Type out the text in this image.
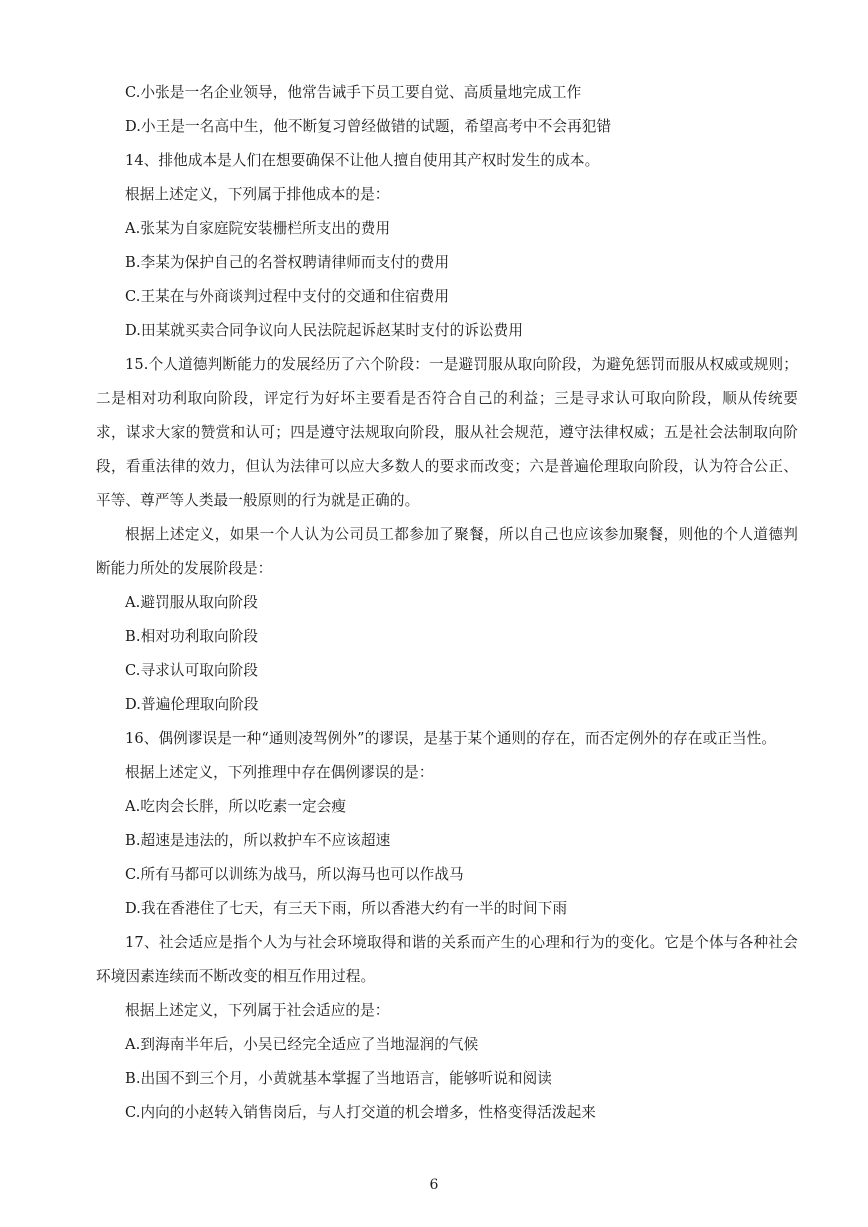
C.小张是一名企业领导，他常告诫手下员工要自觉、高质量地完成工作
D.小王是一名高中生，他不断复习曾经做错的试题，希望高考中不会再犯错
14、排他成本是人们在想要确保不让他人擅自使用其产权时发生的成本。
根据上述定义，下列属于排他成本的是：
A.张某为自家庭院安装栅栏所支出的费用
B.李某为保护自己的名誉权聘请律师而支付的费用
C.王某在与外商谈判过程中支付的交通和住宿费用
D.田某就买卖合同争议向人民法院起诉赵某时支付的诉讼费用

15.个人道德判断能力的发展经历了六个阶段：一是避罚服从取向阶段，为避免惩罚而服从权威或规则；二是相对功利取向阶段，评定行为好坏主要看是否符合自己的利益；三是寻求认可取向阶段，顺从传统要求，谋求大家的赞赏和认可；四是遵守法规取向阶段，服从社会规范，遵守法律权威；五是社会法制取向阶段，看重法律的效力，但认为法律可以应大多数人的要求而改变；六是普遍伦理取向阶段，认为符合公正、平等、尊严等人类最一般原则的行为就是正确的。

根据上述定义，如果一个人认为公司员工都参加了聚餐，所以自己也应该参加聚餐，则他的个人道德判断能力所处的发展阶段是：

A.避罚服从取向阶段
B.相对功利取向阶段
C.寻求认可取向阶段
D.普遍伦理取向阶段
16、偶例谬误是一种“通则凌驾例外”的谬误，是基于某个通则的存在，而否定例外的存在或正当性。
根据上述定义，下列推理中存在偶例谬误的是：
A.吃肉会长胖，所以吃素一定会瘦
B.超速是违法的，所以救护车不应该超速
C.所有马都可以训练为战马，所以海马也可以作战马
D.我在香港住了七天，有三天下雨，所以香港大约有一半的时间下雨

17、社会适应是指个人为与社会环境取得和谐的关系而产生的心理和行为的变化。它是个体与各种社会环境因素连续而不断改变的相互作用过程。

根据上述定义，下列属于社会适应的是：
A.到海南半年后，小吴已经完全适应了当地湿润的气候
B.出国不到三个月，小黄就基本掌握了当地语言，能够听说和阅读
C.内向的小赵转入销售岗后，与人打交道的机会增多，性格变得活泼起来
6
